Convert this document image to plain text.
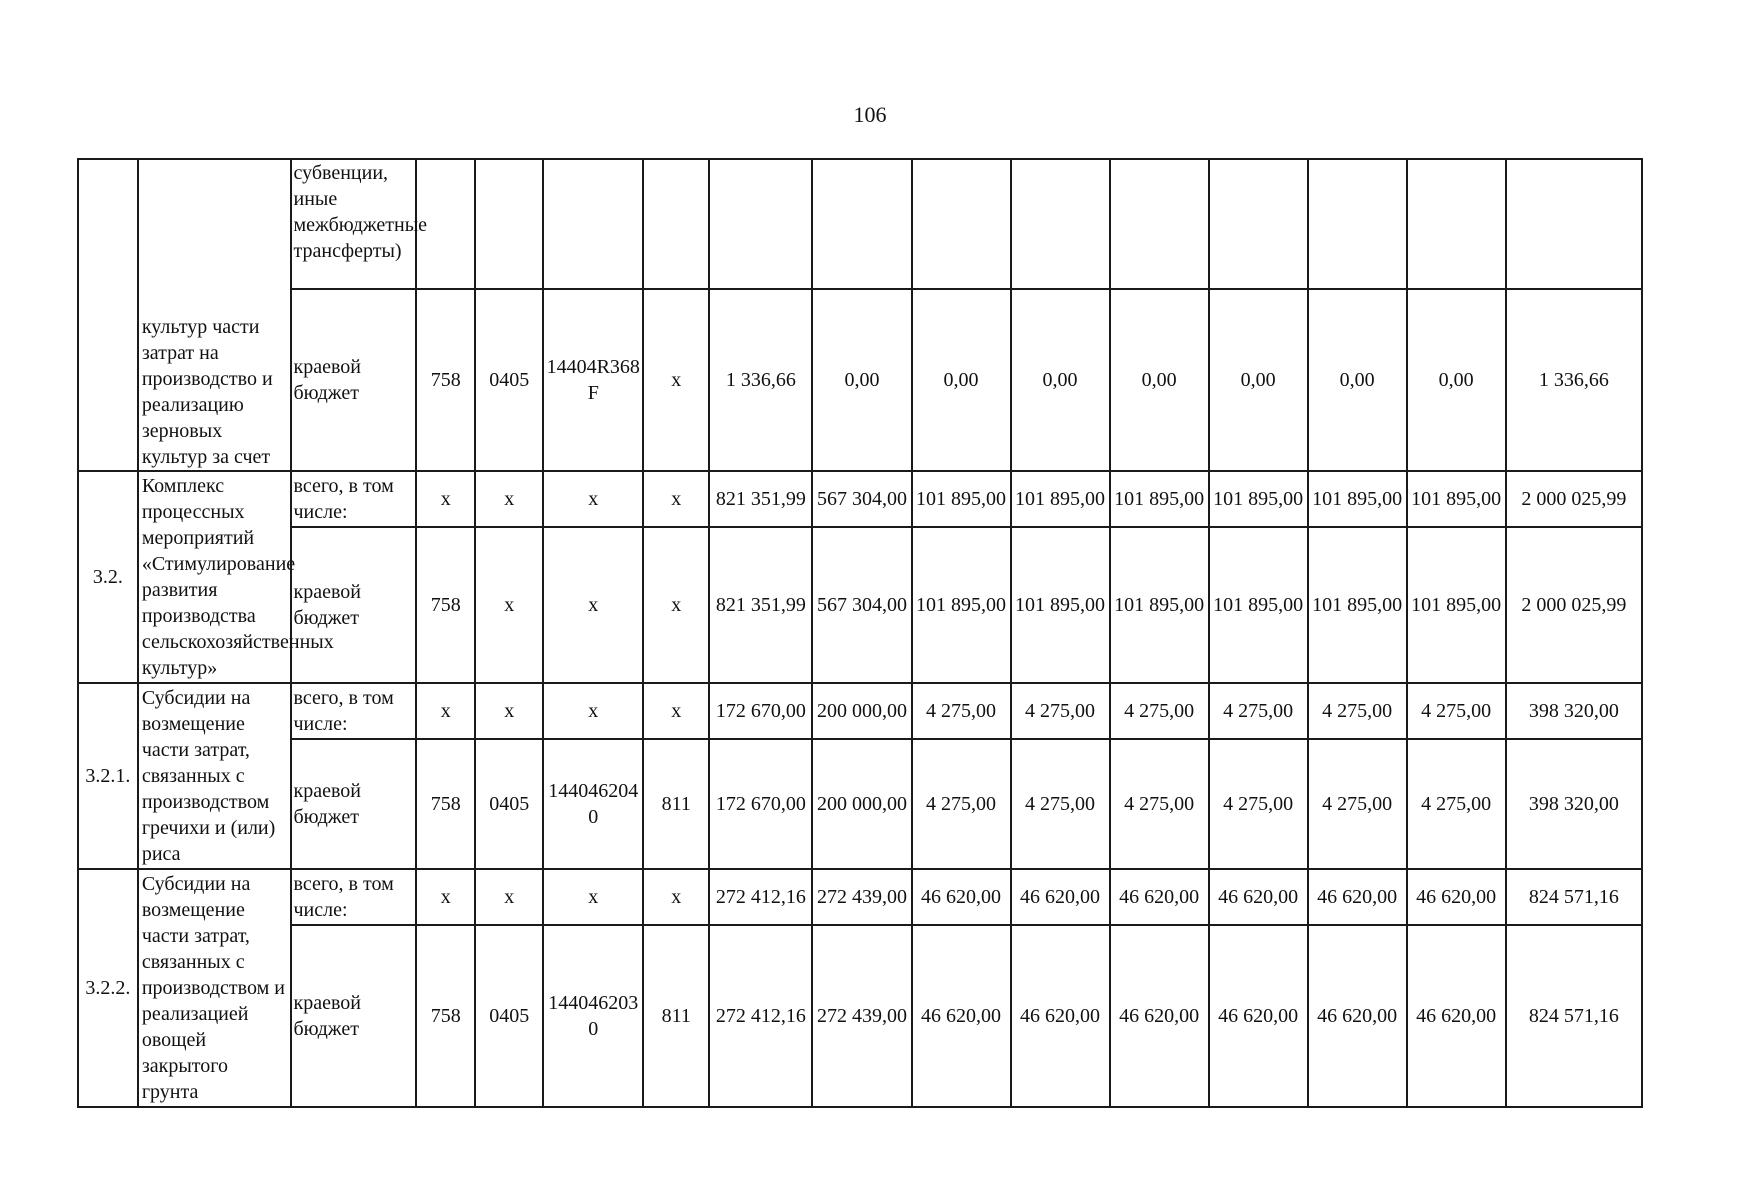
106
	культур части затрат на производство и реализацию зерновых культур за счет	субвенции, иные межбюджетные трансферты)													
		краевой бюджет	758	0405	14404R368F	x	1 336,66	0,00	0,00	0,00	0,00	0,00	0,00	0,00	1 336,66
3.2.	Комплекс процессных мероприятий «Стимулирование развития производства сельскохозяйственных культур»	всего, в том числе:	x	x	x	x	821 351,99	567 304,00	101 895,00	101 895,00	101 895,00	101 895,00	101 895,00	101 895,00	2 000 025,99
		краевой бюджет	758	x	x	x	821 351,99	567 304,00	101 895,00	101 895,00	101 895,00	101 895,00	101 895,00	101 895,00	2 000 025,99
3.2.1.	Субсидии на возмещение части затрат, связанных с производством гречихи и (или) риса	всего, в том числе:	x	x	x	x	172 670,00	200 000,00	4 275,00	4 275,00	4 275,00	4 275,00	4 275,00	4 275,00	398 320,00
		краевой бюджет	758	0405	1440462040	811	172 670,00	200 000,00	4 275,00	4 275,00	4 275,00	4 275,00	4 275,00	4 275,00	398 320,00
3.2.2.	Субсидии на возмещение части затрат, связанных с производством и реализацией овощей закрытого грунта	всего, в том числе:	x	x	x	x	272 412,16	272 439,00	46 620,00	46 620,00	46 620,00	46 620,00	46 620,00	46 620,00	824 571,16
		краевой бюджет	758	0405	1440462030	811	272 412,16	272 439,00	46 620,00	46 620,00	46 620,00	46 620,00	46 620,00	46 620,00	824 571,16
